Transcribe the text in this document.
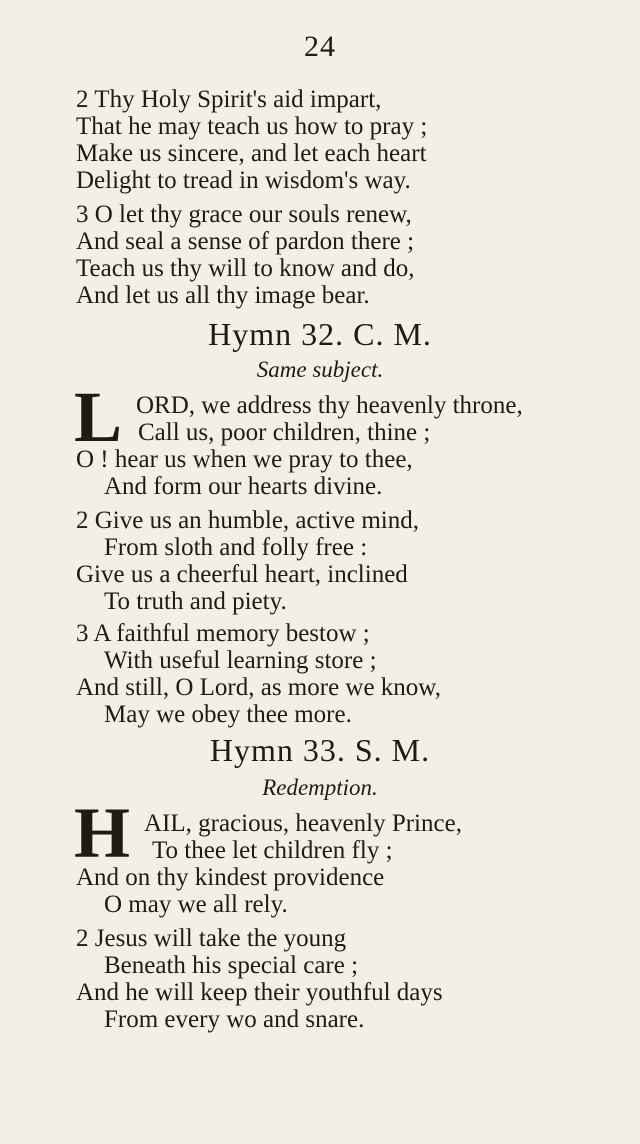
24
2 Thy Holy Spirit's aid impart,
That he may teach us how to pray ;
Make us sincere, and let each heart
Delight to tread in wisdom's way.
3 O let thy grace our souls renew,
And seal a sense of pardon there ;
Teach us thy will to know and do,
And let us all thy image bear.
Hymn 32. C. M.
Same subject.
L ORD, we address thy heavenly throne,
Call us, poor children, thine ;
O ! hear us when we pray to thee,
And form our hearts divine.
2 Give us an humble, active mind,
From sloth and folly free :
Give us a cheerful heart, inclined
To truth and piety.
3 A faithful memory bestow ;
With useful learning store ;
And still, O Lord, as more we know,
May we obey thee more.
Hymn 33. S. M.
Redemption.
H AIL, gracious, heavenly Prince,
To thee let children fly ;
And on thy kindest providence
O may we all rely.
2 Jesus will take the young
Beneath his special care ;
And he will keep their youthful days
From every wo and snare.
